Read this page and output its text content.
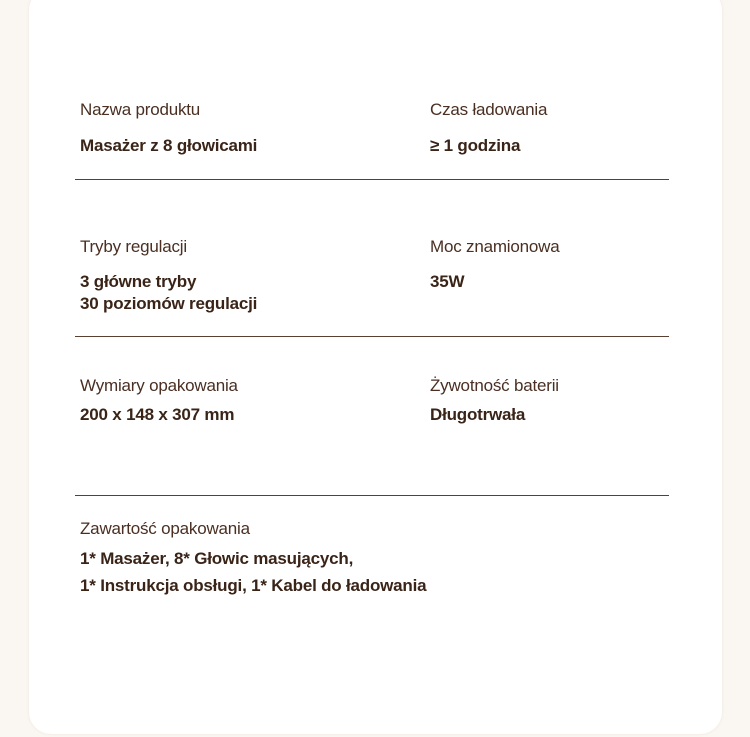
Nazwa produktu
Masażer z 8 głowicami
Czas ładowania
≥ 1 godzina
Tryby regulacji
3 główne tryby
30 poziomów regulacji
Moc znamionowa
35W
Wymiary opakowania
200 x 148 x 307 mm
Żywotność baterii
Długotrwała
Zawartość opakowania
1* Masażer, 8* Głowic masujących,
1* Instrukcja obsługi, 1* Kabel do ładowania
